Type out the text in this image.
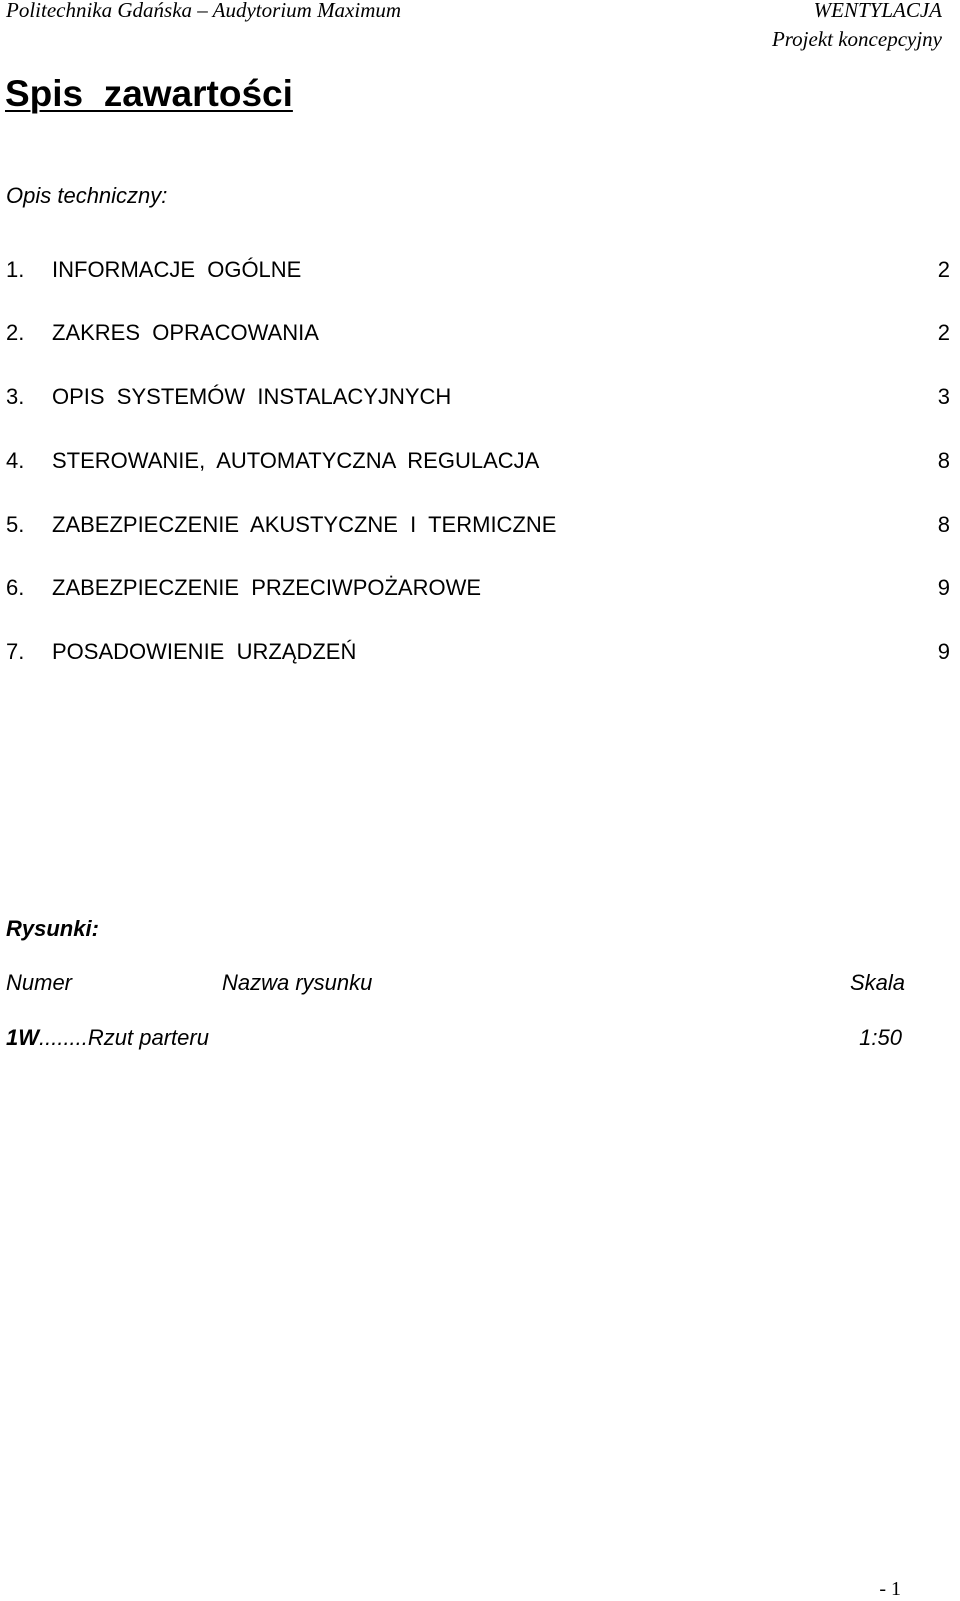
Politechnika Gdańska – Audytorium Maximum	WENTYLACJA
Projekt koncepcyjny
Spis  zawartości

Opis techniczny:

1. INFORMACJE  OGÓLNE	2
2. ZAKRES  OPRACOWANIA	2
3. OPIS  SYSTEMÓW  INSTALACYJNYCH	3
4. STEROWANIE,  AUTOMATYCZNA  REGULACJA	8
5. ZABEZPIECZENIE  AKUSTYCZNE  I  TERMICZNE	8
6. ZABEZPIECZENIE  PRZECIWPOŻAROWE	9
7. POSADOWIENIE  URZĄDZEŃ	9

Rysunki:

Numer	Nazwa rysunku	Skala
1W........Rzut parteru	1:50
- 1
